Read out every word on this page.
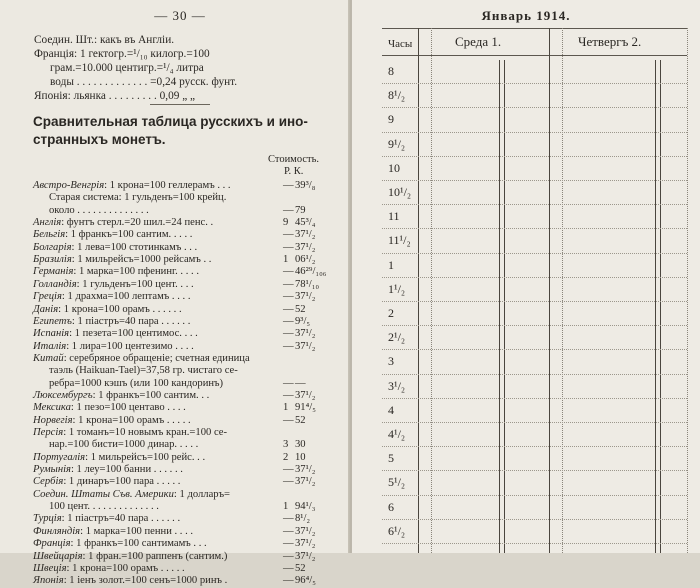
— 30 —
Соедин. Шт.: какъ въ Англіи.
Франція: 1 гектогр.=¹/₁₀ килогр.=100
грам.=10.000 центигр.=¹/₄ литра
воды . . . . . . . . . . . . . =0,24 русск. фунт.
Японія: льянка . . . . . . . . . 0,09 „ „
Сравнительная таблица русскихъ и ино-
странныхъ монетъ.
Стоимость.
Р. К.
Австро-Венгрія: 1 крона=100 геллерамъ . . .	— 39³/₈
Старая система: 1 гульденъ=100 крейц.
около . . . . . . . . . . . . . .	— 79
Англія: фунтъ стерл.=20 шил.=24 пенс. .	9 45³/₄
Бельгія: 1 франкъ=100 сантим. . . . .	— 37¹/₂
Болгарія: 1 лева=100 стотинкамъ . . .	— 37¹/₂
Бразилія: 1 мильрейсъ=1000 рейсамъ . .	1 06¹/₂
Германія: 1 марка=100 пфенинг. . . . .	— 46²⁹/₁₀₆
Голландія: 1 гульденъ=100 цент. . . .	— 78¹/₁₀
Греція: 1 драхма=100 лептамъ . . . .	— 37¹/₂
Данія: 1 крона=100 орамъ . . . . . .	— 52
Египетъ: 1 піастръ=40 пара . . . . . .	— 9³/₅
Испанія: 1 пезета=100 центимос. . . .	— 37¹/₂
Италія: 1 лира=100 центезимо . . . .	— 37¹/₂
Китай: серебряное обращеніе; счетная единица
таэль (Haikuan-Tael)=37,58 гр. чистаго се-
ребра=1000 кэшъ (или 100 кандоринъ)	— —
Люксембургъ: 1 франкъ=100 сантим. . .	— 37¹/₂
Мексика: 1 пезо=100 центаво . . . .	1 91⁴/₅
Норвегія: 1 крона=100 орамъ . . . . .	— 52
Персія: 1 томанъ=10 новымъ кран.=100 се-
нар.=100 бисти=1000 динар. . . . .	3 30
Португалія: 1 мильрейсъ=100 рейс. . .	2 10
Румынія: 1 леу=100 банни . . . . . .	— 37¹/₂
Сербія: 1 динаръ=100 пара . . . . .	— 37¹/₂
Соедин. Штаты Съв. Америки: 1 долларъ=
100 цент. . . . . . . . . . . . . .	1 94¹/₃
Турція: 1 піастръ=40 пара . . . . . .	— 8¹/₂
Финляндія: 1 марка=100 пенни . . . .	— 37¹/₂
Франція: 1 франкъ=100 сантимамъ . . .	— 37¹/₂
Швейцарія: 1 фран.=100 раппенъ (сантим.)	— 37¹/₂
Швеція: 1 крона=100 орамъ . . . . .	— 52
Японія: 1 іенъ золот.=100 сенъ=1000 ринъ .	— 96⁴/₅
Январь 1914.
Часы	Среда 1.	Четвергъ 2.
8
8¹/₂
9
9¹/₂
10
10¹/₂
11
11¹/₂
1
1¹/₂
2
2¹/₂
3
3¹/₂
4
4¹/₂
5
5¹/₂
6
6¹/₂
